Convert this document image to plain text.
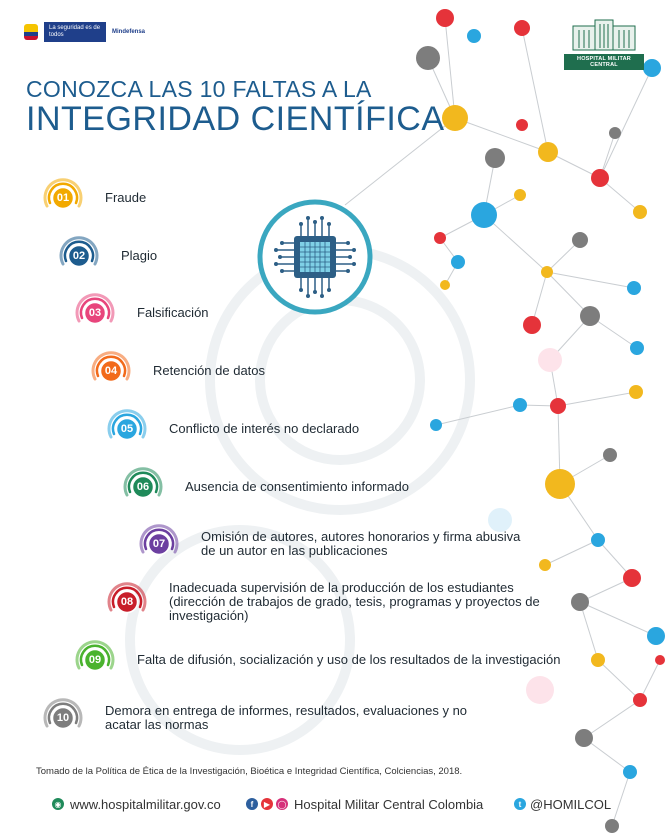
La seguridad es de todos	Mindefensa
HOSPITAL MILITAR CENTRAL
CONOZCA LAS 10 FALTAS A LA
INTEGRIDAD CIENTÍFICA
01	Fraude
02	Plagio
03	Falsificación
04	Retención de datos
05	Conflicto de interés no declarado
06	Ausencia de consentimiento informado
07	Omisión de autores, autores honorarios y firma abusiva de un autor en las publicaciones
08
Inadecuada supervisión de la producción de los estudiantes (dirección de trabajos de grado, tesis, programas y proyectos de investigación)
09	Falta de difusión, socialización y uso de los resultados de la investigación
10	Demora en entrega de informes, resultados, evaluaciones y no acatar las normas
Tomado de la Política de Ética de la Investigación, Bioética e Integridad Científica, Colciencias, 2018.
◉ www.hospitalmilitar.gov.co	f	▶ ◯ Hospital Militar Central Colombia	t @HOMILCOL
